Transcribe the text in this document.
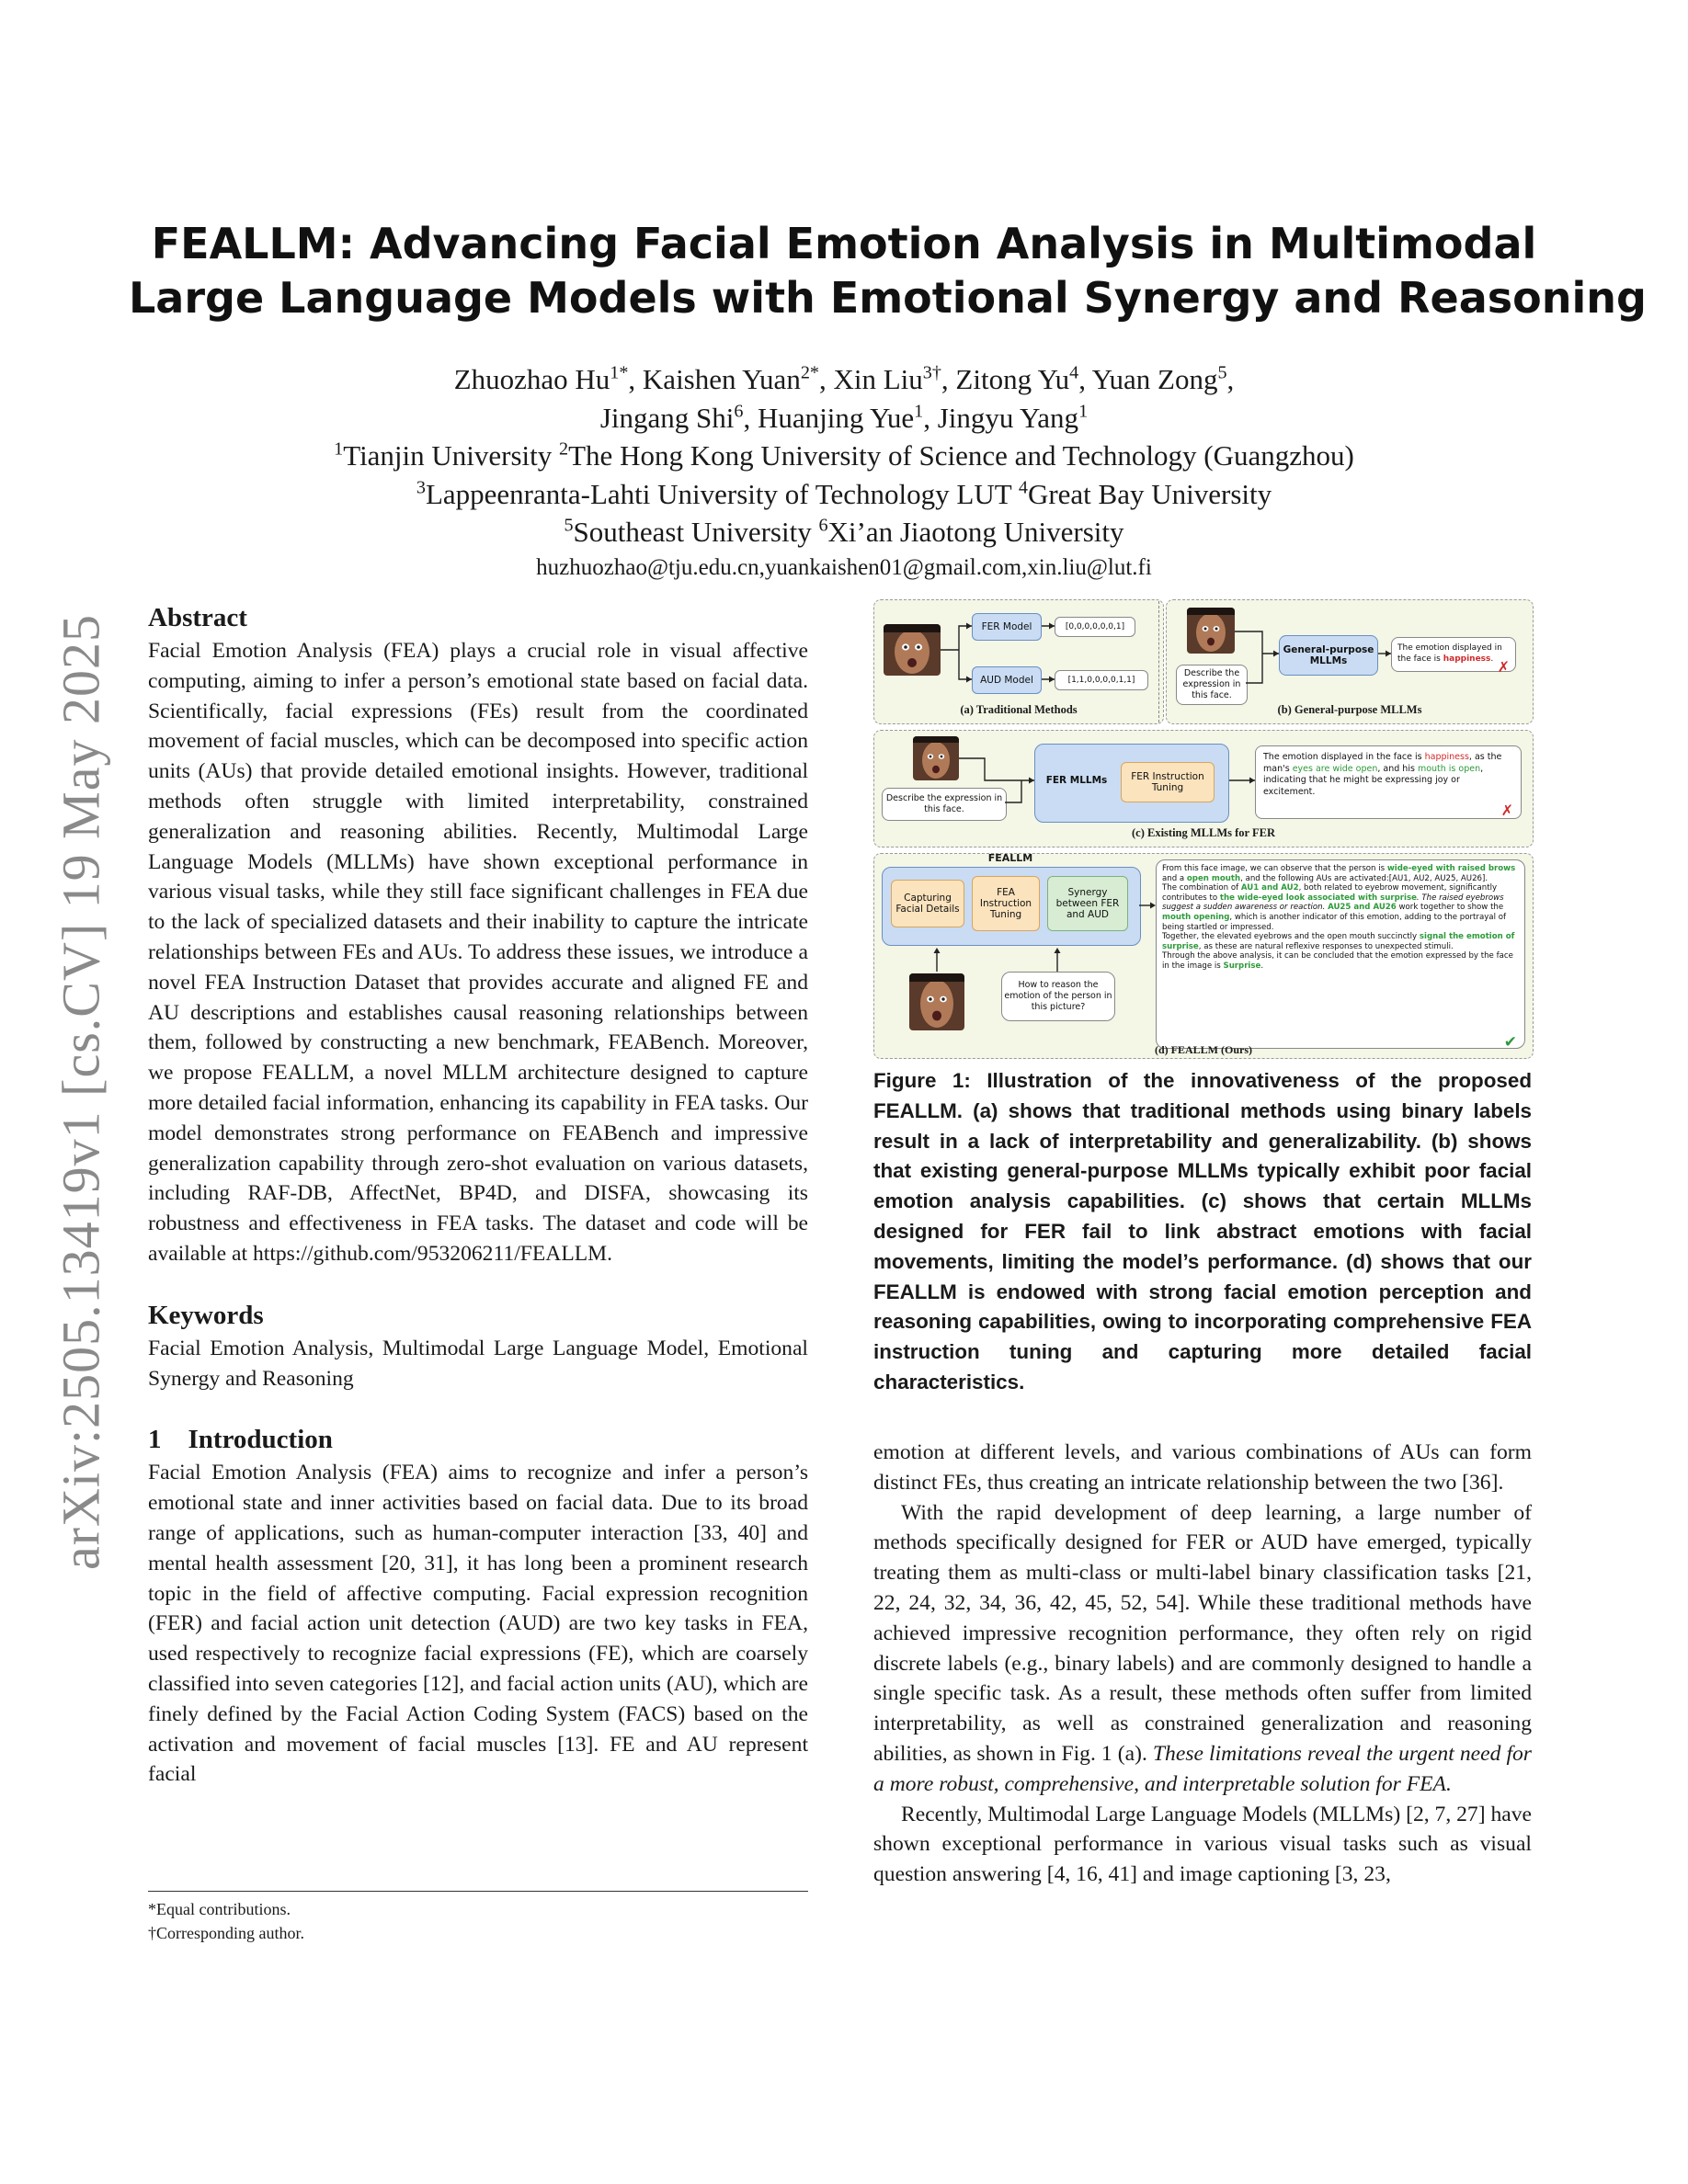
arXiv:2505.13419v1 [cs.CV] 19 May 2025
FEALLM: Advancing Facial Emotion Analysis in Multimodal
Large Language Models with Emotional Synergy and Reasoning
Zhuozhao $Hu^{1*}$, Kaishen Yuan$^{2*}$, Xin Liu$^{3\dagger}$, Zitong Yu$^4$, Yuan Zong$^5$,
Jingang Shi$^6$, Huanjing Yue$^1$, Jingyu Yang$^1$
$^1$Tianjin University $^2$The Hong Kong University of Science and Technology (Guangzhou)
$^3$Lappeenranta-Lahti University of Technology LUT $^4$Great Bay University
$^5$Southeast University $^6$Xi’an Jiaotong University
huzhuozhao@tju.edu.cn,yuankaishen01@gmail.com,xin.liu@lut.fi
Abstract

Facial Emotion Analysis (FEA) plays a crucial role in visual affective computing, aiming to infer a person’s emotional state based on facial data. Scientifically, facial expressions (FEs) result from the coordinated movement of facial muscles, which can be decomposed into specific action units (AUs) that provide detailed emotional insights. However, traditional methods often struggle with limited interpretability, constrained generalization and reasoning abilities. Recently, Multimodal Large Language Models (MLLMs) have shown exceptional performance in various visual tasks, while they still face significant challenges in FEA due to the lack of specialized datasets and their inability to capture the intricate relationships between FEs and AUs. To address these issues, we introduce a novel FEA Instruction Dataset that provides accurate and aligned FE and AU descriptions and establishes causal reasoning relationships between them, followed by constructing a new benchmark, FEABench. Moreover, we propose FEALLM, a novel MLLM architecture designed to capture more detailed facial information, enhancing its capability in FEA tasks. Our model demonstrates strong performance on FEABench and impressive generalization capability through zero-shot evaluation on various datasets, including RAF-DB, AffectNet, BP4D, and DISFA, showcasing its robustness and effectiveness in FEA tasks. The dataset and code will be available at https://github.com/953206211/FEALLM.

Keywords

Facial Emotion Analysis, Multimodal Large Language Model, Emotional Synergy and Reasoning

1    Introduction

Facial Emotion Analysis (FEA) aims to recognize and infer a person’s emotional state and inner activities based on facial data. Due to its broad range of applications, such as human-computer interaction [33, 40] and mental health assessment [20, 31], it has long been a prominent research topic in the field of affective computing. Facial expression recognition (FER) and facial action unit detection (AUD) are two key tasks in FEA, used respectively to recognize facial expressions (FE), which are coarsely classified into seven categories [12], and facial action units (AU), which are finely defined by the Facial Action Coding System (FACS) based on the activation and movement of facial muscles [13]. FE and AU represent facial

*Equal contributions.
†Corresponding author.
FER Model
AUD Model
[0,0,0,0,0,0,1]
[1,1,0,0,0,0,1,1]
(a) Traditional Methods
Describe the expression in this face.
General-purpose MLLMs
The emotion displayed in the face is happiness. ✗
(b) General-purpose MLLMs
Describe the expression in this face.
FER MLLMs	FER Instruction Tuning
The emotion displayed in the face is happiness, as the man's eyes are wide open, and his mouth is open, indicating that he might be expressing joy or excitement.
✗
(c) Existing MLLMs for FER
FEALLM
Capturing Facial Details
FEA Instruction Tuning
Synergy between FER and AUD
How to reason the emotion of the person in this picture?
From this face image, we can observe that the person is wide-eyed with raised brows and a open mouth, and the following AUs are activated:[AU1, AU2, AU25, AU26].
The combination of AU1 and AU2, both related to eyebrow movement, significantly contributes to the wide-eyed look associated with surprise. The raised eyebrows suggest a sudden awareness or reaction. AU25 and AU26 work together to show the mouth opening, which is another indicator of this emotion, adding to the portrayal of being startled or impressed.
Together, the elevated eyebrows and the open mouth succinctly signal the emotion of surprise, as these are natural reflexive responses to unexpected stimuli.
Through the above analysis, it can be concluded that the emotion expressed by the face in the image is Surprise.
✔
(d) FEALLM (Ours)

Figure 1: Illustration of the innovativeness of the proposed FEALLM. (a) shows that traditional methods using binary labels result in a lack of interpretability and generalizability. (b) shows that existing general-purpose MLLMs typically exhibit poor facial emotion analysis capabilities. (c) shows that certain MLLMs designed for FER fail to link abstract emotions with facial movements, limiting the model’s performance. (d) shows that our FEALLM is endowed with strong facial emotion perception and reasoning capabilities, owing to incorporating comprehensive FEA instruction tuning and capturing more detailed facial characteristics.

emotion at different levels, and various combinations of AUs can form distinct FEs, thus creating an intricate relationship between the two [36].

With the rapid development of deep learning, a large number of methods specifically designed for FER or AUD have emerged, typically treating them as multi-class or multi-label binary classification tasks [21, 22, 24, 32, 34, 36, 42, 45, 52, 54]. While these traditional methods have achieved impressive recognition performance, they often rely on rigid discrete labels (e.g., binary labels) and are commonly designed to handle a single specific task. As a result, these methods often suffer from limited interpretability, as well as constrained generalization and reasoning abilities, as shown in Fig. 1 (a). These limitations reveal the urgent need for a more robust, comprehensive, and interpretable solution for FEA.

Recently, Multimodal Large Language Models (MLLMs) [2, 7, 27] have shown exceptional performance in various visual tasks such as visual question answering [4, 16, 41] and image captioning [3, 23,
